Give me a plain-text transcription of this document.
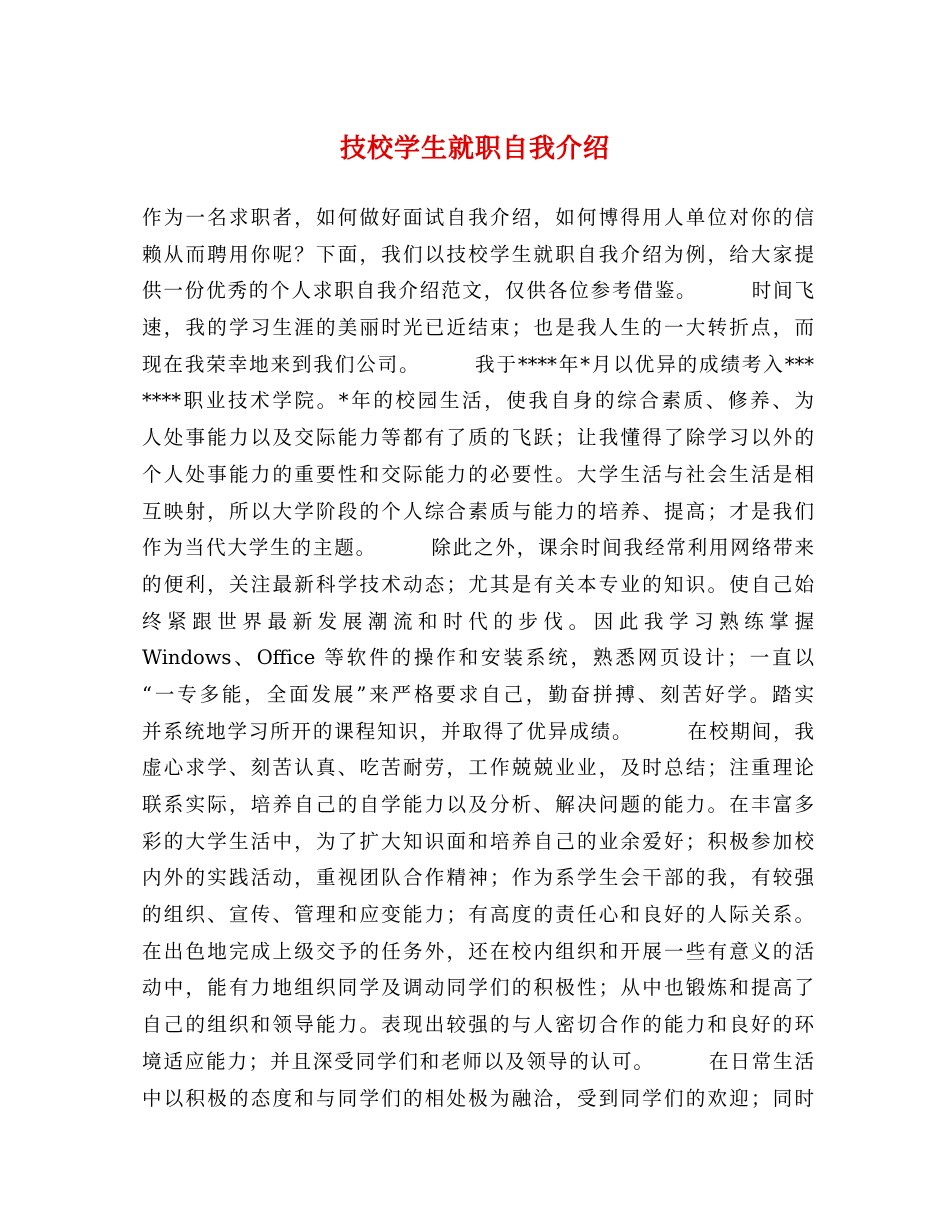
技校学生就职自我介绍
作为一名求职者，如何做好面试自我介绍，如何博得用人单位对你的信
赖从而聘用你呢？下面，我们以技校学生就职自我介绍为例，给大家提
供一份优秀的个人求职自我介绍范文，仅供各位参考借鉴。　　　时间飞
速，我的学习生涯的美丽时光已近结束；也是我人生的一大转折点，而
现在我荣幸地来到我们公司。　　　我于****年*月以优异的成绩考入***
****职业技术学院。*年的校园生活，使我自身的综合素质、修养、为
人处事能力以及交际能力等都有了质的飞跃；让我懂得了除学习以外的
个人处事能力的重要性和交际能力的必要性。大学生活与社会生活是相
互映射，所以大学阶段的个人综合素质与能力的培养、提高；才是我们
作为当代大学生的主题。　　　除此之外，课余时间我经常利用网络带来
的便利，关注最新科学技术动态；尤其是有关本专业的知识。使自己始
终紧跟世界最新发展潮流和时代的步伐。因此我学习熟练掌握
Windows、Office 等软件的操作和安装系统，熟悉网页设计；一直以
“一专多能，全面发展”来严格要求自己，勤奋拼搏、刻苦好学。踏实
并系统地学习所开的课程知识，并取得了优异成绩。　　　在校期间，我
虚心求学、刻苦认真、吃苦耐劳，工作兢兢业业，及时总结；注重理论
联系实际，培养自己的自学能力以及分析、解决问题的能力。在丰富多
彩的大学生活中，为了扩大知识面和培养自己的业余爱好；积极参加校
内外的实践活动，重视团队合作精神；作为系学生会干部的我，有较强
的组织、宣传、管理和应变能力；有高度的责任心和良好的人际关系。
在出色地完成上级交予的任务外，还在校内组织和开展一些有意义的活
动中，能有力地组织同学及调动同学们的积极性；从中也锻炼和提高了
自己的组织和领导能力。表现出较强的与人密切合作的能力和良好的环
境适应能力；并且深受同学们和老师以及领导的认可。　　　在日常生活
中以积极的态度和与同学们的相处极为融洽，受到同学们的欢迎；同时
